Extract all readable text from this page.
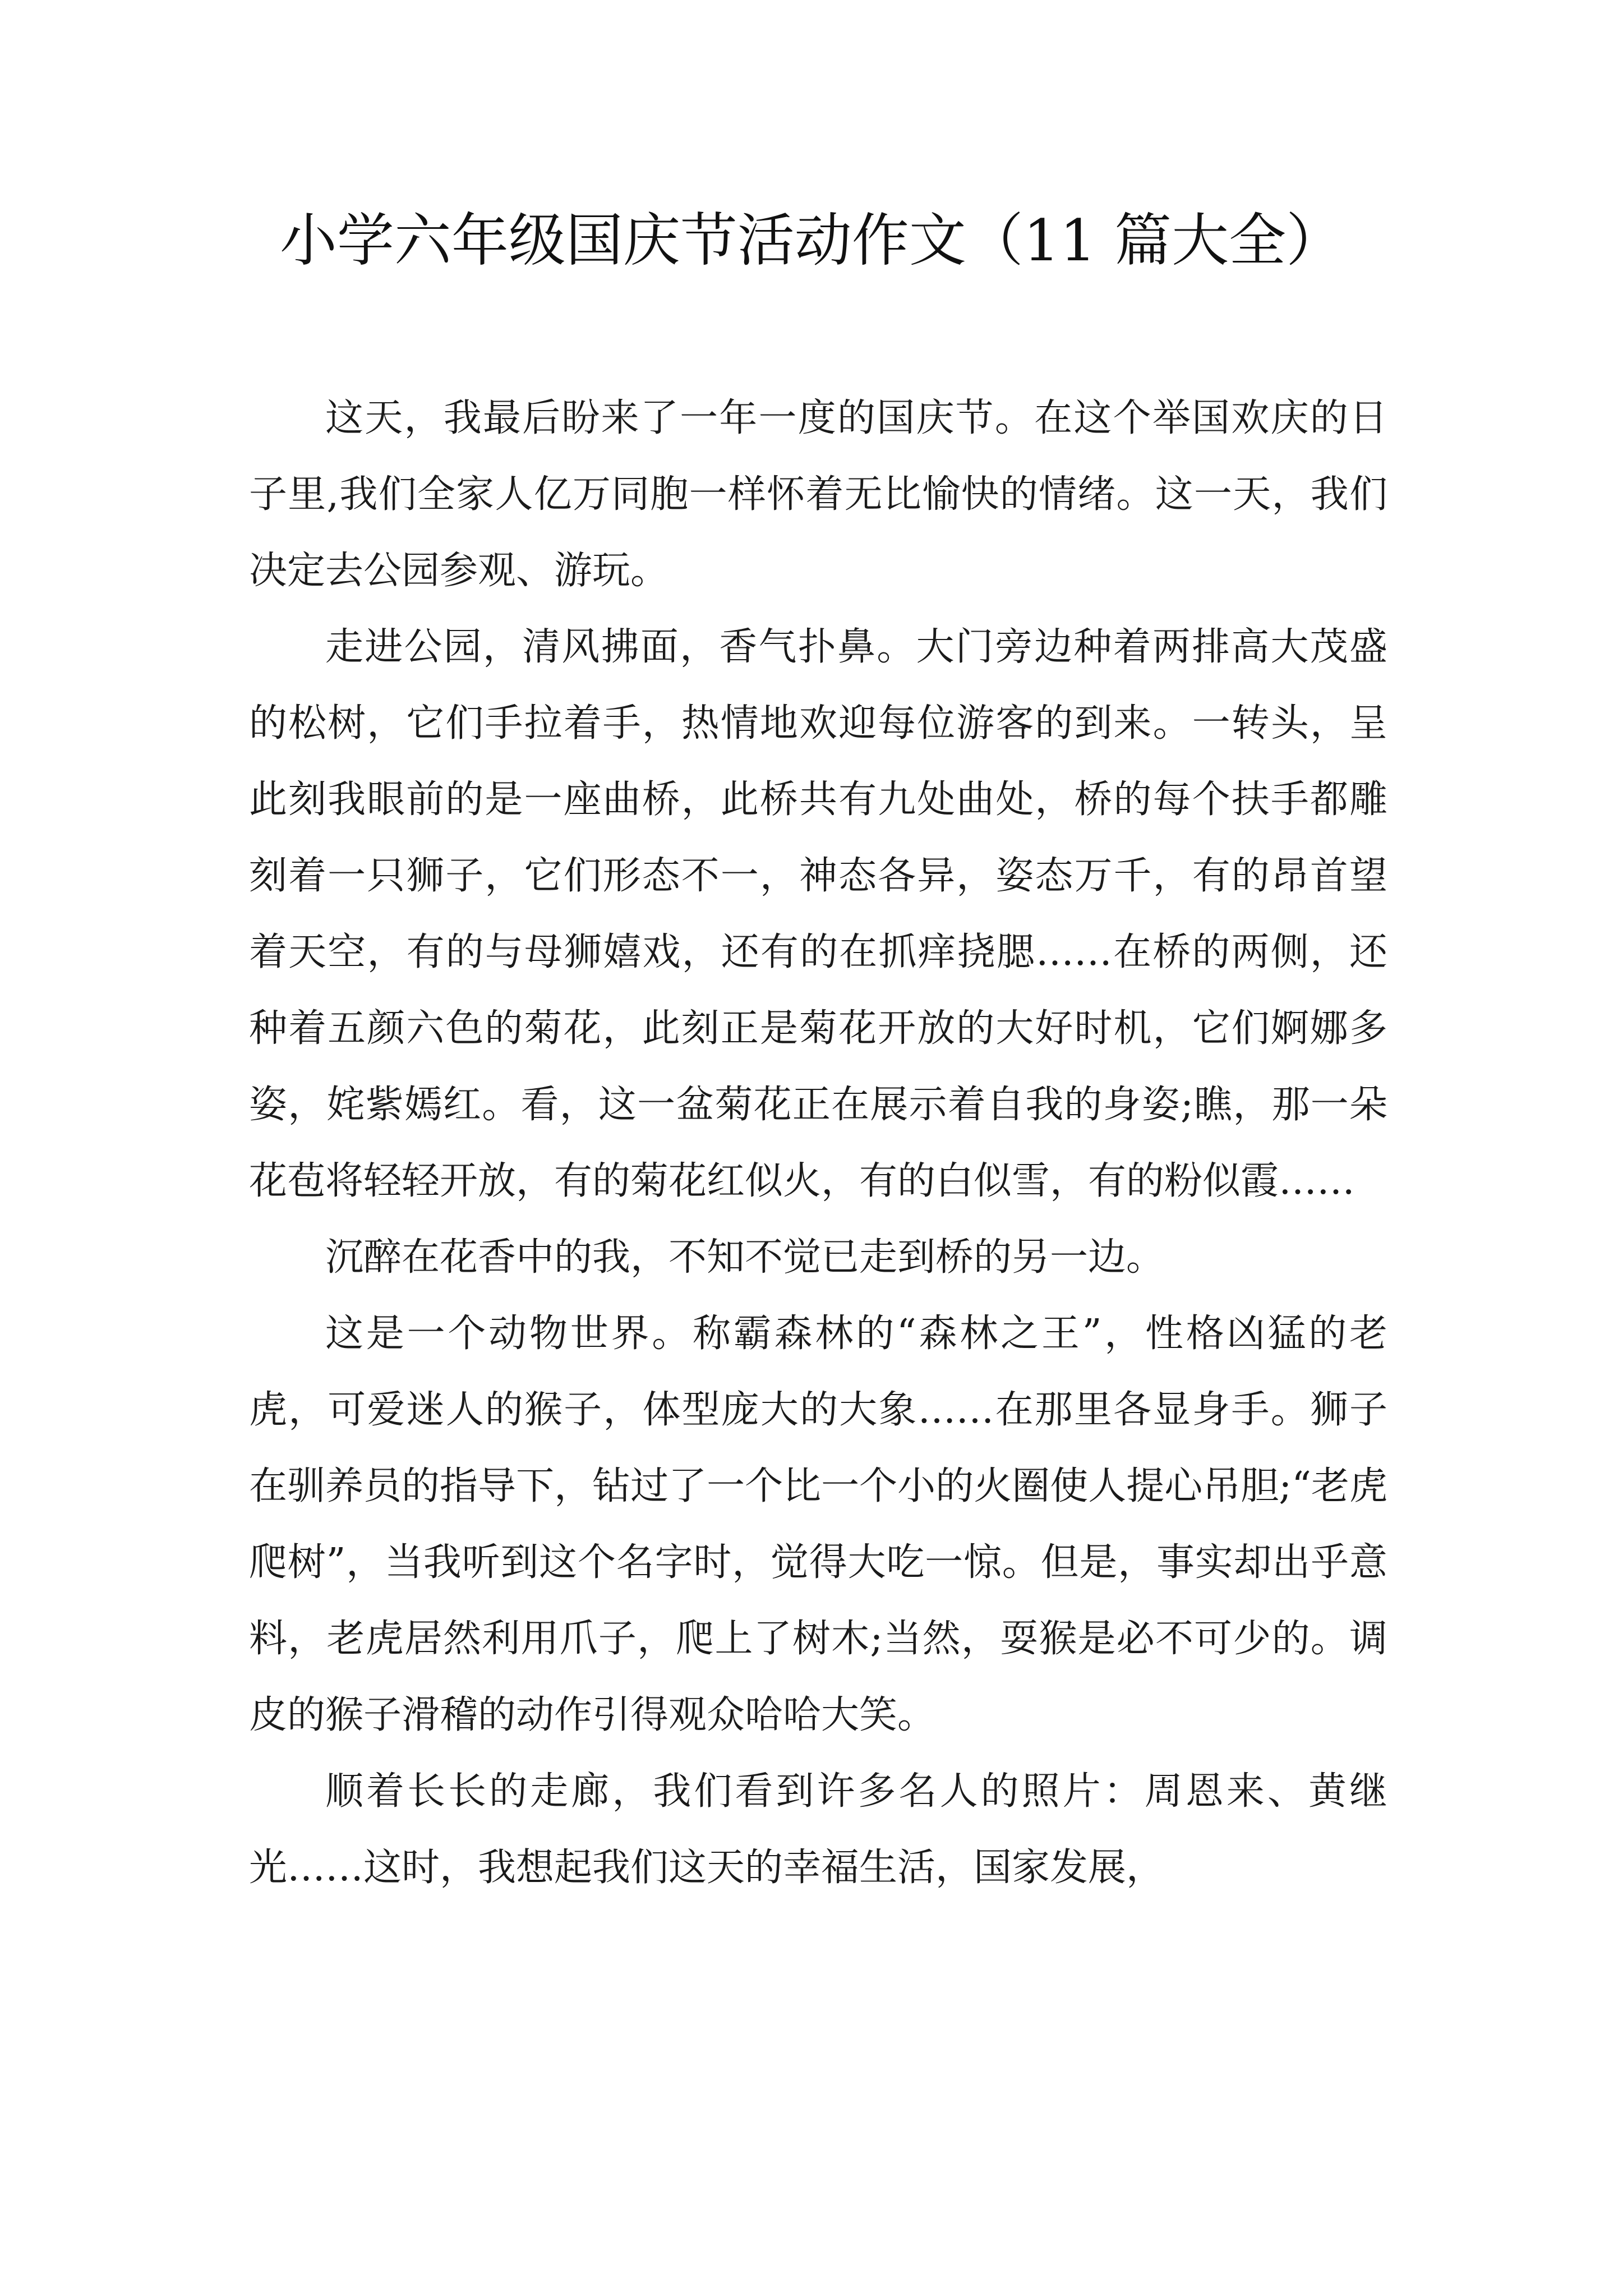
小学六年级国庆节活动作文（11 篇大全）

这天，我最后盼来了一年一度的国庆节。在这个举国欢庆的日子里,我们全家人亿万同胞一样怀着无比愉快的情绪。这一天，我们决定去公园参观、游玩。

走进公园，清风拂面，香气扑鼻。大门旁边种着两排高大茂盛的松树，它们手拉着手，热情地欢迎每位游客的到来。一转头，呈此刻我眼前的是一座曲桥，此桥共有九处曲处，桥的每个扶手都雕刻着一只狮子，它们形态不一，神态各异，姿态万千，有的昂首望着天空，有的与母狮嬉戏，还有的在抓痒挠腮……在桥的两侧，还种着五颜六色的菊花，此刻正是菊花开放的大好时机，它们婀娜多姿，姹紫嫣红。看，这一盆菊花正在展示着自我的身姿;瞧，那一朵花苞将轻轻开放，有的菊花红似火，有的白似雪，有的粉似霞……

沉醉在花香中的我，不知不觉已走到桥的另一边。

这是一个动物世界。称霸森林的“森林之王”，性格凶猛的老虎，可爱迷人的猴子，体型庞大的大象……在那里各显身手。狮子在驯养员的指导下，钻过了一个比一个小的火圈使人提心吊胆;“老虎爬树”，当我听到这个名字时，觉得大吃一惊。但是，事实却出乎意料，老虎居然利用爪子，爬上了树木;当然，耍猴是必不可少的。调皮的猴子滑稽的动作引得观众哈哈大笑。

顺着长长的走廊，我们看到许多名人的照片：周恩来、黄继光……这时，我想起我们这天的幸福生活，国家发展，
